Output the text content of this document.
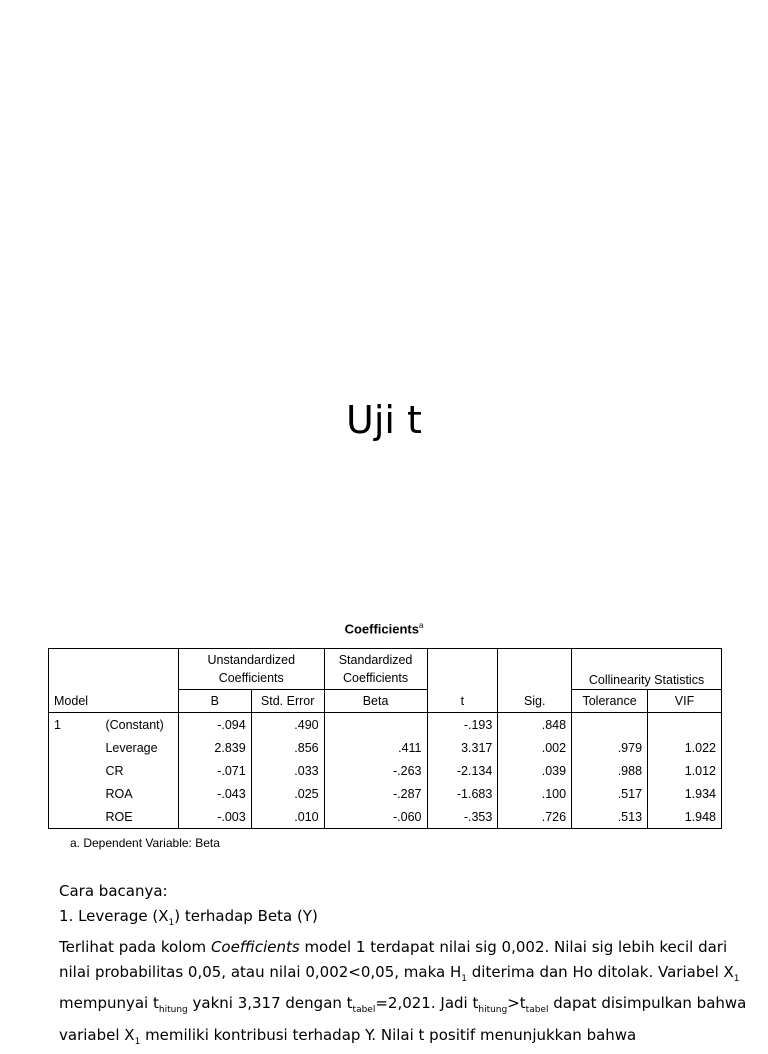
Uji t
Coefficients$^a$
		Unstandardized Coefficients		Standardized Coefficients			Collinearity Statistics	
Model		B	Std. Error	Beta	t	Sig.	Tolerance	VIF
1	(Constant)	-.094	.490		-.193	.848		
	Leverage	2.839	.856	.411	3.317	.002	.979	1.022
	CR	-.071	.033	-.263	-2.134	.039	.988	1.012
	ROA	-.043	.025	-.287	-1.683	.100	.517	1.934
	ROE	-.003	.010	-.060	-.353	.726	.513	1.948
a. Dependent Variable: Beta

Cara bacanya:

1. Leverage $(X_1)$ terhadap Beta (Y)

Terlihat pada kolom Coefficients model 1 terdapat nilai sig 0,002. Nilai sig lebih kecil dari nilai probabilitas 0,05, atau nilai 0,002<0,05, maka $H_1$ diterima dan Ho ditolak. Variabel $X_1$ mempunyai $t_{hitung}$ yakni 3,317 dengan $t_{tabel}=2,021$. Jadi $t_{hitung}>t_{tabel}$ dapat disimpulkan bahwa variabel $X_1$ memiliki kontribusi terhadap Y. Nilai t positif menunjukkan bahwa
